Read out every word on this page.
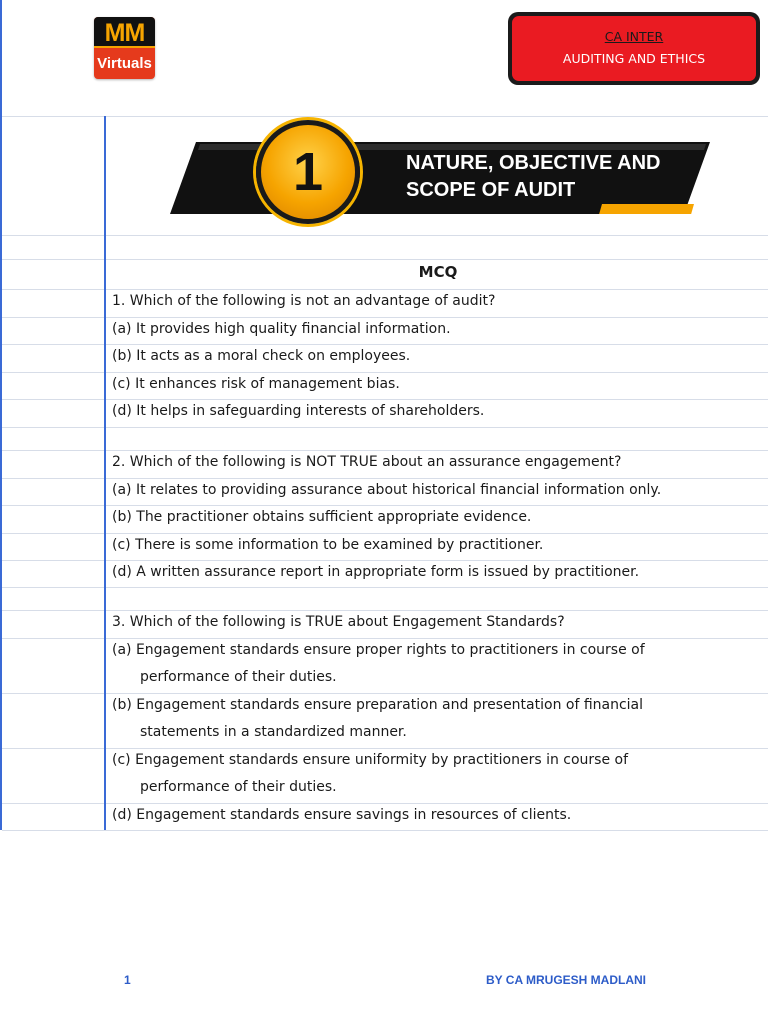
MM
Virtuals
CA INTER
AUDITING AND ETHICS
1	NATURE, OBJECTIVE AND
SCOPE OF AUDIT
MCQ
1. Which of the following is not an advantage of audit?
(a) It provides high quality financial information.
(b) It acts as a moral check on employees.
(c) It enhances risk of management bias.
(d) It helps in safeguarding interests of shareholders.
2. Which of the following is NOT TRUE about an assurance engagement?
(a) It relates to providing assurance about historical financial information only.
(b) The practitioner obtains sufficient appropriate evidence.
(c) There is some information to be examined by practitioner.
(d) A written assurance report in appropriate form is issued by practitioner.
3. Which of the following is TRUE about Engagement Standards?
(a) Engagement standards ensure proper rights to practitioners in course of
performance of their duties.
(b) Engagement standards ensure preparation and presentation of financial
statements in a standardized manner.
(c) Engagement standards ensure uniformity by practitioners in course of
performance of their duties.
(d) Engagement standards ensure savings in resources of clients.
1	BY CA MRUGESH MADLANI
